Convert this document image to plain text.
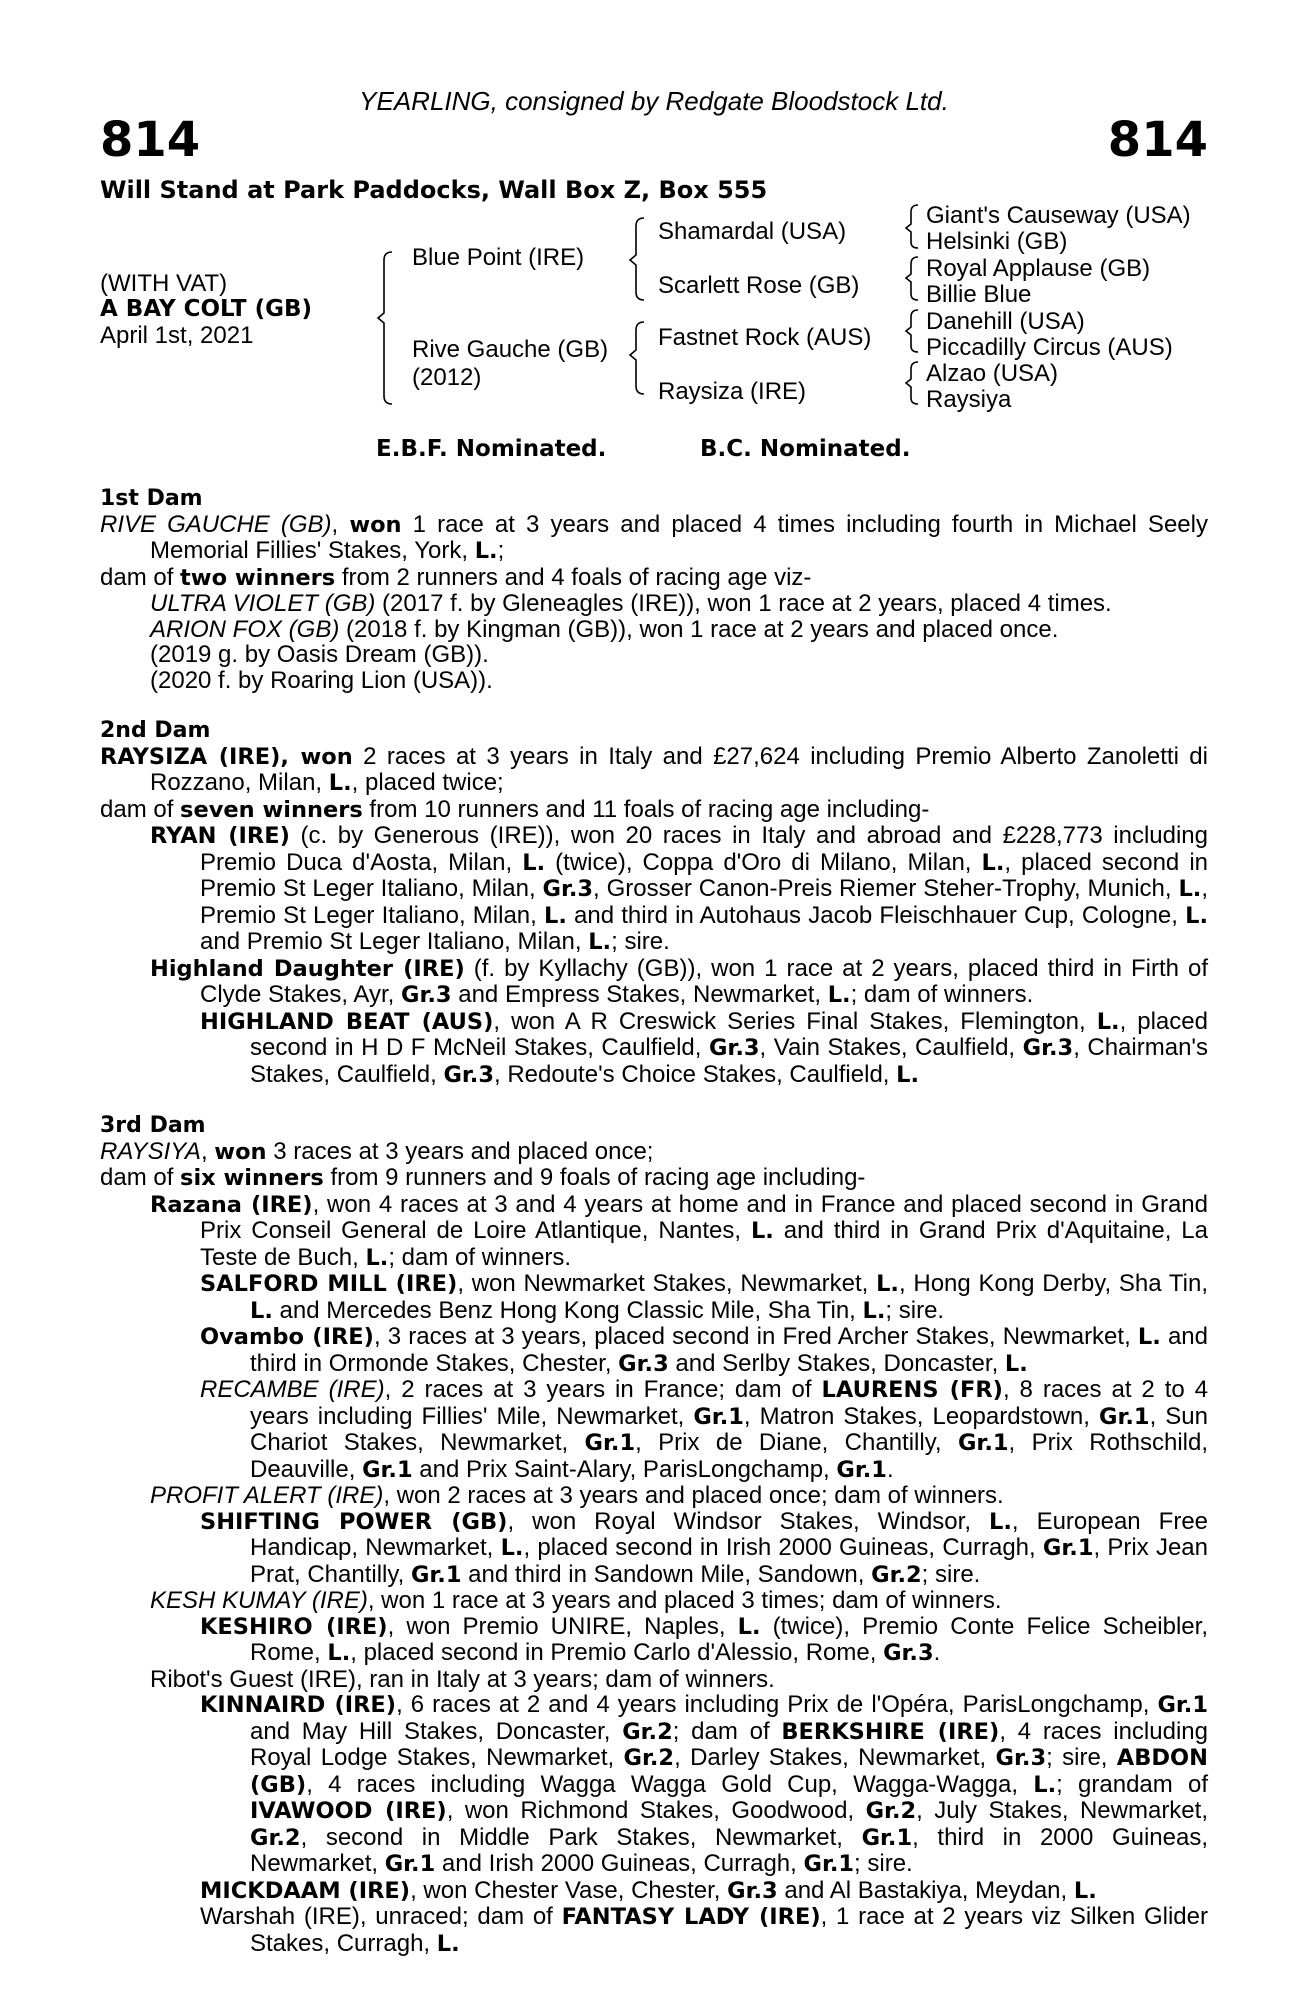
YEARLING, consigned by Redgate Bloodstock Ltd.
814	814
Will Stand at Park Paddocks, Wall Box Z, Box 555
(WITH VAT)
A BAY COLT (GB)
April 1st, 2021
Blue Point (IRE)
Rive Gauche (GB)
(2012)
Shamardal (USA)
Scarlett Rose (GB)
Fastnet Rock (AUS)
Raysiza (IRE)
Giant's Causeway (USA)
Helsinki (GB)
Royal Applause (GB)
Billie Blue
Danehill (USA)
Piccadilly Circus (AUS)
Alzao (USA)
Raysiya
E.B.F. Nominated.	B.C. Nominated.
1st Dam
RIVE GAUCHE (GB), won 1 race at 3 years and placed 4 times including fourth in Michael Seely Memorial Fillies' Stakes, York, L.;
dam of two winners from 2 runners and 4 foals of racing age viz-
ULTRA VIOLET (GB) (2017 f. by Gleneagles (IRE)), won 1 race at 2 years, placed 4 times.
ARION FOX (GB) (2018 f. by Kingman (GB)), won 1 race at 2 years and placed once.
(2019 g. by Oasis Dream (GB)).
(2020 f. by Roaring Lion (USA)).
2nd Dam
RAYSIZA (IRE), won 2 races at 3 years in Italy and £27,624 including Premio Alberto Zanoletti di Rozzano, Milan, L., placed twice;
dam of seven winners from 10 runners and 11 foals of racing age including-
RYAN (IRE) (c. by Generous (IRE)), won 20 races in Italy and abroad and £228,773 including Premio Duca d'Aosta, Milan, L. (twice), Coppa d'Oro di Milano, Milan, L., placed second in Premio St Leger Italiano, Milan, Gr.3, Grosser Canon-Preis Riemer Steher-Trophy, Munich, L., Premio St Leger Italiano, Milan, L. and third in Autohaus Jacob Fleischhauer Cup, Cologne, L. and Premio St Leger Italiano, Milan, L.; sire.
Highland Daughter (IRE) (f. by Kyllachy (GB)), won 1 race at 2 years, placed third in Firth of Clyde Stakes, Ayr, Gr.3 and Empress Stakes, Newmarket, L.; dam of winners.
HIGHLAND BEAT (AUS), won A R Creswick Series Final Stakes, Flemington, L., placed second in H D F McNeil Stakes, Caulfield, Gr.3, Vain Stakes, Caulfield, Gr.3, Chairman's Stakes, Caulfield, Gr.3, Redoute's Choice Stakes, Caulfield, L.
3rd Dam
RAYSIYA, won 3 races at 3 years and placed once;
dam of six winners from 9 runners and 9 foals of racing age including-
Razana (IRE), won 4 races at 3 and 4 years at home and in France and placed second in Grand Prix Conseil General de Loire Atlantique, Nantes, L. and third in Grand Prix d'Aquitaine, La Teste de Buch, L.; dam of winners.
SALFORD MILL (IRE), won Newmarket Stakes, Newmarket, L., Hong Kong Derby, Sha Tin, L. and Mercedes Benz Hong Kong Classic Mile, Sha Tin, L.; sire.
Ovambo (IRE), 3 races at 3 years, placed second in Fred Archer Stakes, Newmarket, L. and third in Ormonde Stakes, Chester, Gr.3 and Serlby Stakes, Doncaster, L.
RECAMBE (IRE), 2 races at 3 years in France; dam of LAURENS (FR), 8 races at 2 to 4 years including Fillies' Mile, Newmarket, Gr.1, Matron Stakes, Leopardstown, Gr.1, Sun Chariot Stakes, Newmarket, Gr.1, Prix de Diane, Chantilly, Gr.1, Prix Rothschild, Deauville, Gr.1 and Prix Saint-Alary, ParisLongchamp, Gr.1.
PROFIT ALERT (IRE), won 2 races at 3 years and placed once; dam of winners.
SHIFTING POWER (GB), won Royal Windsor Stakes, Windsor, L., European Free Handicap, Newmarket, L., placed second in Irish 2000 Guineas, Curragh, Gr.1, Prix Jean Prat, Chantilly, Gr.1 and third in Sandown Mile, Sandown, Gr.2; sire.
KESH KUMAY (IRE), won 1 race at 3 years and placed 3 times; dam of winners.
KESHIRO (IRE), won Premio UNIRE, Naples, L. (twice), Premio Conte Felice Scheibler, Rome, L., placed second in Premio Carlo d'Alessio, Rome, Gr.3.
Ribot's Guest (IRE), ran in Italy at 3 years; dam of winners.
KINNAIRD (IRE), 6 races at 2 and 4 years including Prix de l'Opéra, ParisLongchamp, Gr.1 and May Hill Stakes, Doncaster, Gr.2; dam of BERKSHIRE (IRE), 4 races including Royal Lodge Stakes, Newmarket, Gr.2, Darley Stakes, Newmarket, Gr.3; sire, ABDON (GB), 4 races including Wagga Wagga Gold Cup, Wagga-Wagga, L.; grandam of IVAWOOD (IRE), won Richmond Stakes, Goodwood, Gr.2, July Stakes, Newmarket, Gr.2, second in Middle Park Stakes, Newmarket, Gr.1, third in 2000 Guineas, Newmarket, Gr.1 and Irish 2000 Guineas, Curragh, Gr.1; sire.
MICKDAAM (IRE), won Chester Vase, Chester, Gr.3 and Al Bastakiya, Meydan, L.
Warshah (IRE), unraced; dam of FANTASY LADY (IRE), 1 race at 2 years viz Silken Glider Stakes, Curragh, L.
